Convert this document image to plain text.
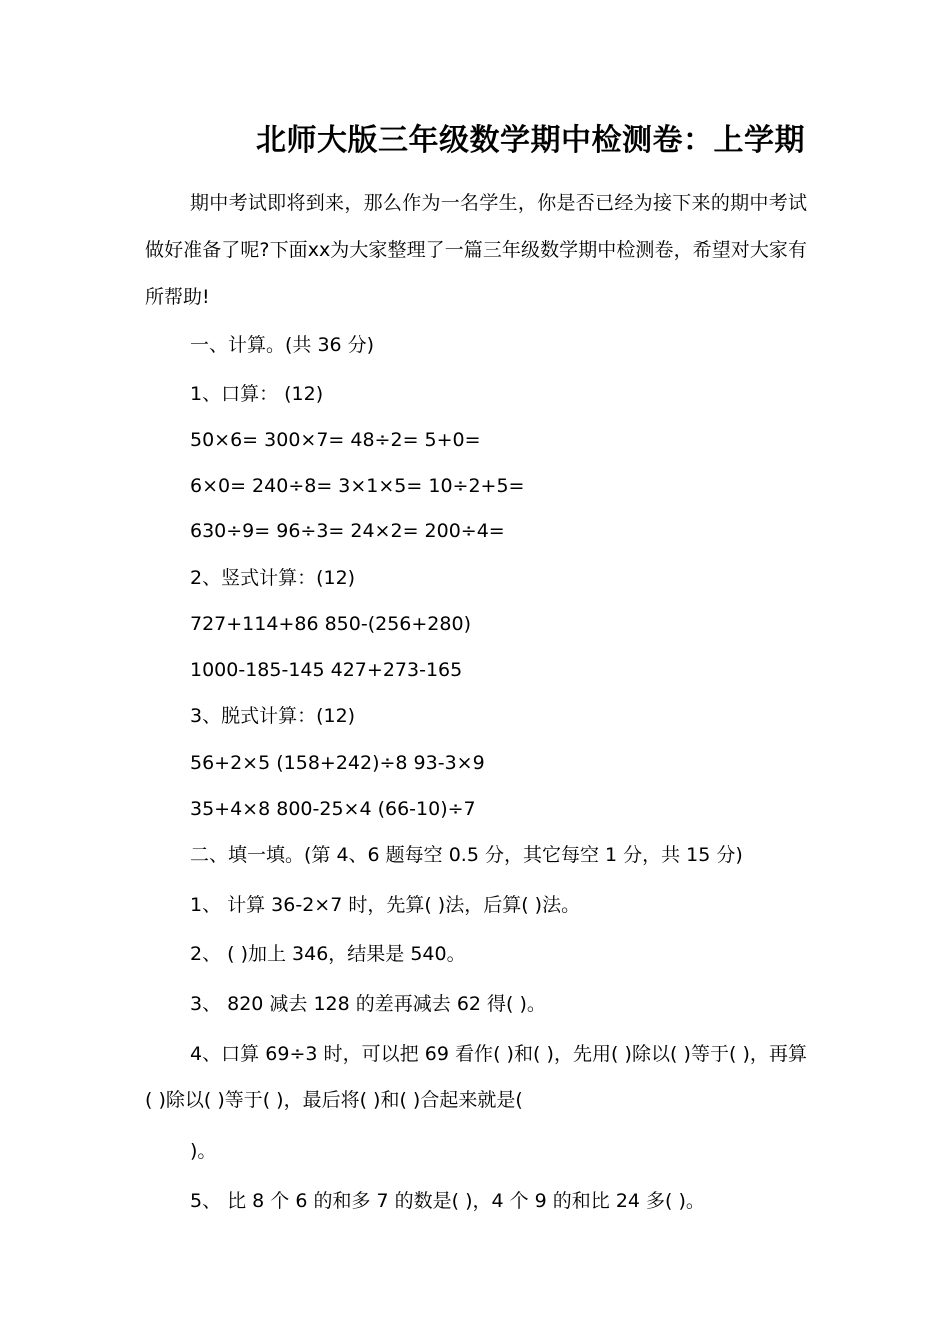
北师大版三年级数学期中检测卷：上学期

期中考试即将到来，那么作为一名学生，你是否已经为接下来的期中考试做好准备了呢?下面xx为大家整理了一篇三年级数学期中检测卷，希望对大家有所帮助!

一、计算。(共 36 分)

1、口算： (12)

50×6= 300×7= 48÷2= 5+0=

6×0= 240÷8= 3×1×5= 10÷2+5=

630÷9= 96÷3= 24×2= 200÷4=

2、竖式计算：(12)

727+114+86 850-(256+280)

1000-185-145 427+273-165

3、脱式计算：(12)

56+2×5 (158+242)÷8 93-3×9

35+4×8 800-25×4 (66-10)÷7

二、填一填。(第 4、6 题每空 0.5 分，其它每空 1 分，共 15 分)

1、 计算 36-2×7 时，先算( )法，后算( )法。

2、 ( )加上 346，结果是 540。

3、 820 减去 128 的差再减去 62 得( )。

4、口算 69÷3 时，可以把 69 看作( )和( )，先用( )除以( )等于( )，再算( )除以( )等于( )，最后将( )和( )合起来就是(

)。

5、 比 8 个 6 的和多 7 的数是( )，4 个 9 的和比 24 多( )。
